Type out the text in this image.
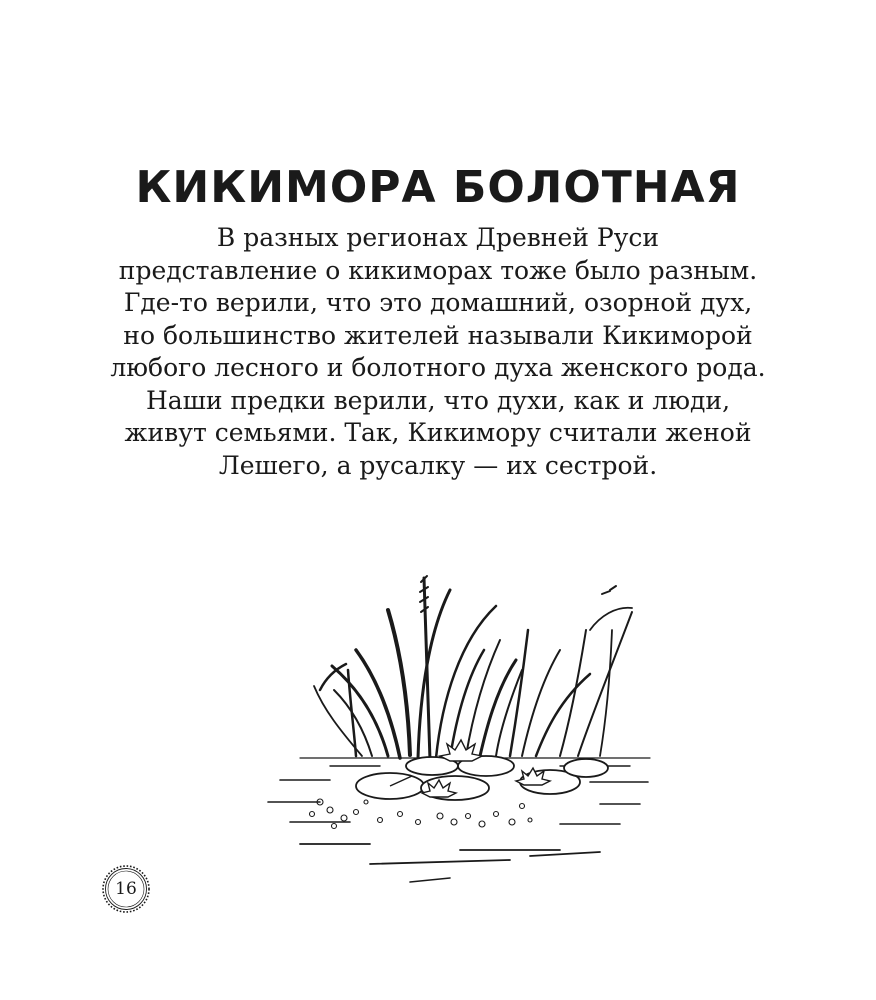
КИКИМОРА БОЛОТНАЯ
В разных регионах Древней Руси
представление о кикиморах тоже было разным.
Где-то верили, что это домашний, озорной дух,
но большинство жителей называли Кикиморой
любого лесного и болотного духа женского рода.
Наши предки верили, что духи, как и люди,
живут семьями. Так, Кикимору считали женой
Лешего, а русалку — их сестрой.
16
